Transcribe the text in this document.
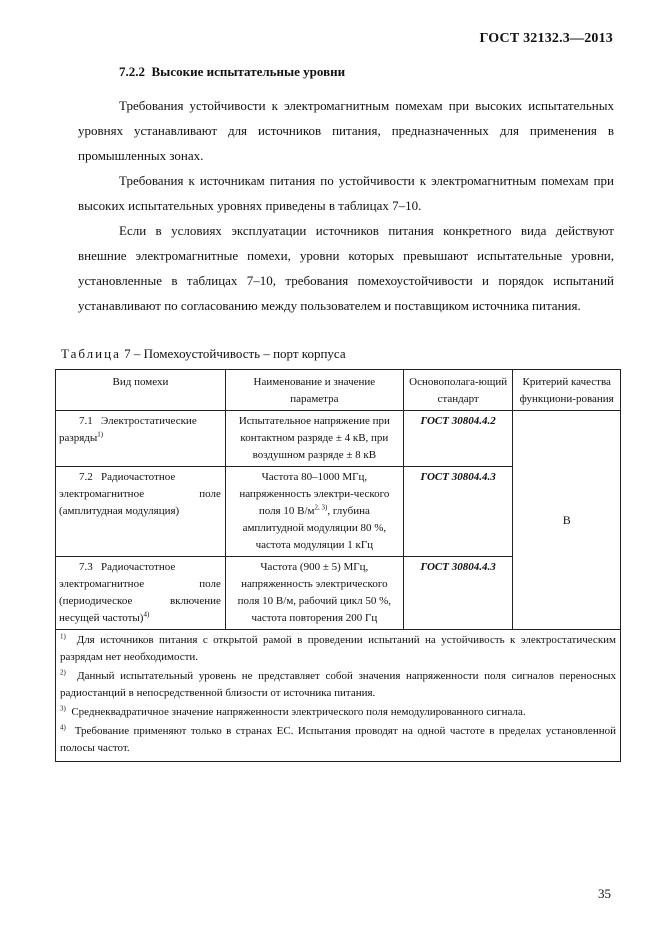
ГОСТ 32132.3—2013
7.2.2 Высокие испытательные уровни

Требования устойчивости к электромагнитным помехам при высоких испытательных уровнях устанавливают для источников питания, предназначенных для применения в промышленных зонах.

Требования к источникам питания по устойчивости к электромагнитным помехам при высоких испытательных уровнях приведены в таблицах 7–10.

Если в условиях эксплуатации источников питания конкретного вида действуют внешние электромагнитные помехи, уровни которых превышают испытательные уровни, установленные в таблицах 7–10, требования помехоустойчивости и порядок испытаний устанавливают по согласованию между пользователем и поставщиком источника питания.

Таблица 7 – Помехоустойчивость – порт корпуса
Вид помехи	Наименование и значение параметра	Основополага-ющий стандарт	Критерий качества функциони-рования
7.1 Электростатические разряды$^{1)}$	Испытательное напряжение при контактном разряде ± 4 кВ, при воздушном разряде ± 8 кВ	ГОСТ 30804.4.2	В
7.2 Радиочастотное электромагнитное поле (амплитудная модуляция)	Частота 80–1000 МГц, напряженность электри-ческого поля 10 $В/м^{2, 3)}$, глубина амплитудной модуляции 80 %, частота модуляции 1 кГц	ГОСТ 30804.4.3	
7.3 Радиочастотное электромагнитное поле (периодическое включение несущей частоты)$^{4)}$	Частота (900 ± 5) МГц, напряженность электрического поля 10 В/м, рабочий цикл 50 %, частота повторения 200 Гц	ГОСТ 30804.4.3	

$^{1)}$ Для источников питания с открытой рамой в проведении испытаний на устойчивость к электростатическим разрядам нет необходимости.

$^{2)}$ Данный испытательный уровень не представляет собой значения напряженности поля сигналов переносных радиостанций в непосредственной близости от источника питания.

$^{3)}$ Среднеквадратичное значение напряженности электрического поля немодулированного сигнала.

$^{4)}$ Требование применяют только в странах ЕС. Испытания проводят на одной частоте в пределах установленной полосы частот.			

35
